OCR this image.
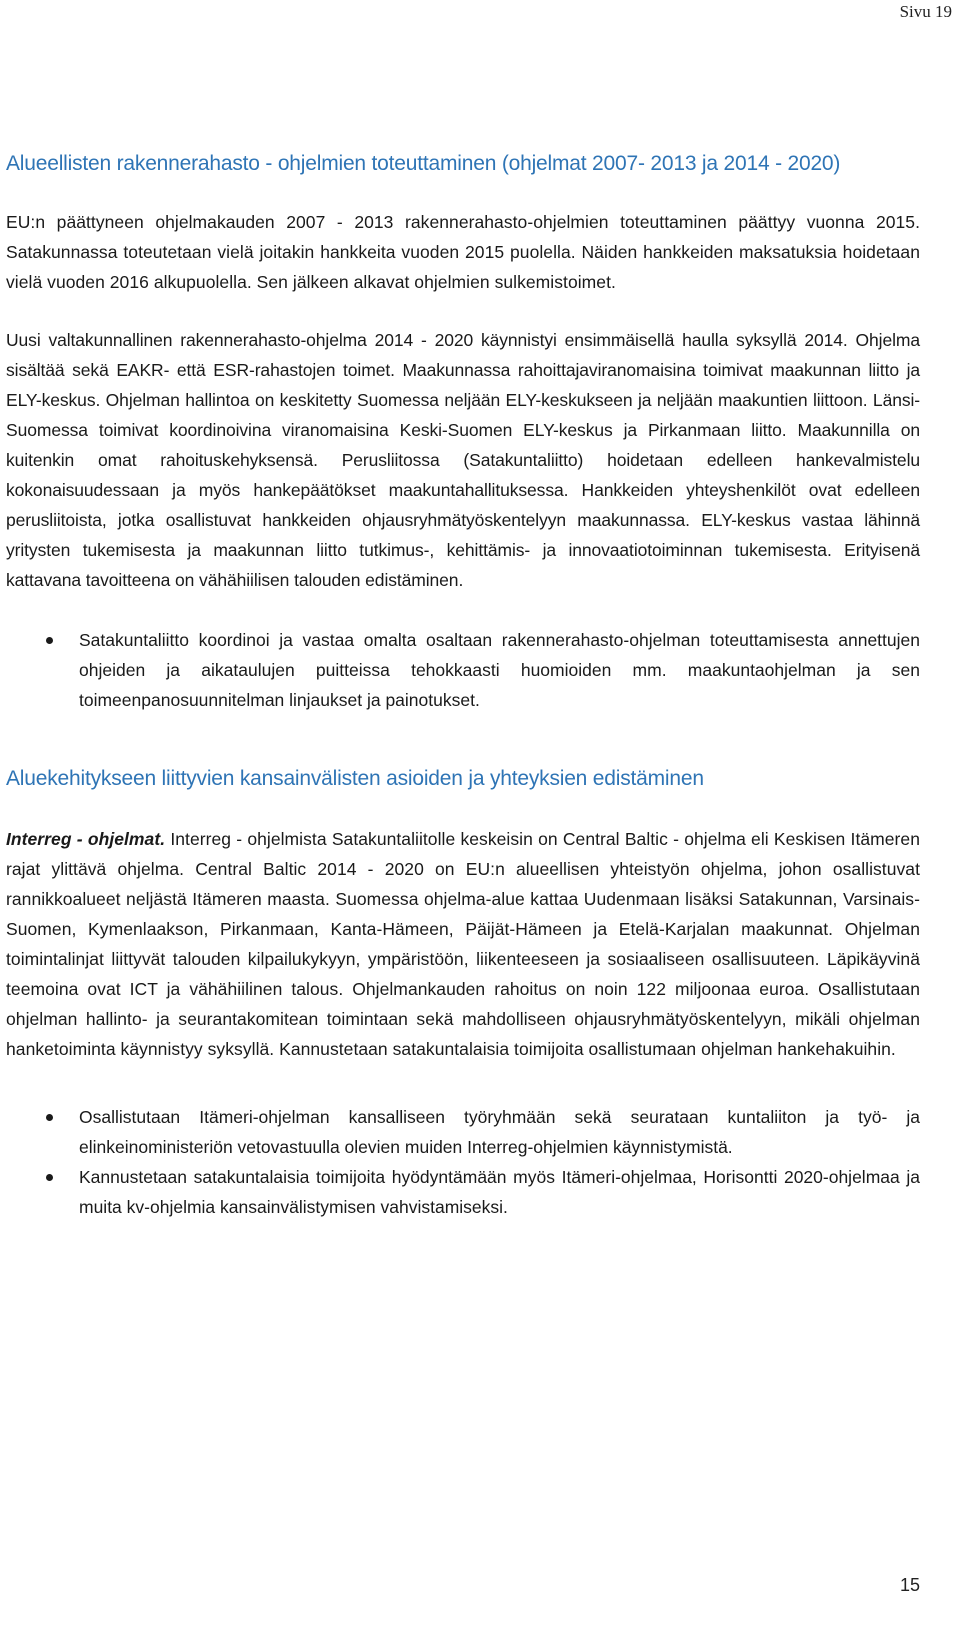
Sivu 19
Alueellisten rakennerahasto - ohjelmien toteuttaminen (ohjelmat 2007- 2013 ja 2014 - 2020)

EU:n päättyneen ohjelmakauden 2007 - 2013 rakennerahasto-ohjelmien toteuttaminen päättyy vuonna 2015. Satakunnassa toteutetaan vielä joitakin hankkeita vuoden 2015 puolella. Näiden hankkeiden maksatuksia hoidetaan vielä vuoden 2016 alkupuolella. Sen jälkeen alkavat ohjelmien sulkemistoimet.

Uusi valtakunnallinen rakennerahasto-ohjelma 2014 - 2020 käynnistyi ensimmäisellä haulla syksyllä 2014. Ohjelma sisältää sekä EAKR- että ESR-rahastojen toimet. Maakunnassa rahoittajaviranomaisina toimivat maakunnan liitto ja ELY-keskus. Ohjelman hallintoa on keskitetty Suomessa neljään ELY-keskukseen ja neljään maakuntien liittoon. Länsi-Suomessa toimivat koordinoivina viranomaisina Keski-Suomen ELY-keskus ja Pirkanmaan liitto. Maakunnilla on kuitenkin omat rahoituskehyksensä. Perusliitossa (Satakuntaliitto) hoidetaan edelleen hankevalmistelu kokonaisuudessaan ja myös hankepäätökset maakuntahallituksessa. Hankkeiden yhteyshenkilöt ovat edelleen perusliitoista, jotka osallistuvat hankkeiden ohjausryhmätyöskentelyyn maakunnassa. ELY-keskus vastaa lähinnä yritysten tukemisesta ja maakunnan liitto tutkimus-, kehittämis- ja innovaatiotoiminnan tukemisesta. Erityisenä kattavana tavoitteena on vähähiilisen talouden edistäminen.

Satakuntaliitto koordinoi ja vastaa omalta osaltaan rakennerahasto-ohjelman toteuttamisesta annettujen ohjeiden ja aikataulujen puitteissa tehokkaasti huomioiden mm. maakuntaohjelman ja sen toimeenpanosuunnitelman linjaukset ja painotukset.
Aluekehitykseen liittyvien kansainvälisten asioiden ja yhteyksien edistäminen

Interreg - ohjelmat. Interreg - ohjelmista Satakuntaliitolle keskeisin on Central Baltic - ohjelma eli Keskisen Itämeren rajat ylittävä ohjelma. Central Baltic 2014 - 2020 on EU:n alueellisen yhteistyön ohjelma, johon osallistuvat rannikkoalueet neljästä Itämeren maasta. Suomessa ohjelma-alue kattaa Uudenmaan lisäksi Satakunnan, Varsinais-Suomen, Kymenlaakson, Pirkanmaan, Kanta-Hämeen, Päijät-Hämeen ja Etelä-Karjalan maakunnat. Ohjelman toimintalinjat liittyvät talouden kilpailukykyyn, ympäristöön, liikenteeseen ja sosiaaliseen osallisuuteen. Läpikäyvinä teemoina ovat ICT ja vähähiilinen talous. Ohjelmankauden rahoitus on noin 122 miljoonaa euroa. Osallistutaan ohjelman hallinto- ja seurantakomitean toimintaan sekä mahdolliseen ohjausryhmätyöskentelyyn, mikäli ohjelman hanketoiminta käynnistyy syksyllä. Kannustetaan satakuntalaisia toimijoita osallistumaan ohjelman hankehakuihin.

Osallistutaan Itämeri-ohjelman kansalliseen työryhmään sekä seurataan kuntaliiton ja työ- ja elinkeinoministeriön vetovastuulla olevien muiden Interreg-ohjelmien käynnistymistä.
Kannustetaan satakuntalaisia toimijoita hyödyntämään myös Itämeri-ohjelmaa, Horisontti 2020-ohjelmaa ja muita kv-ohjelmia kansainvälistymisen vahvistamiseksi.
15
